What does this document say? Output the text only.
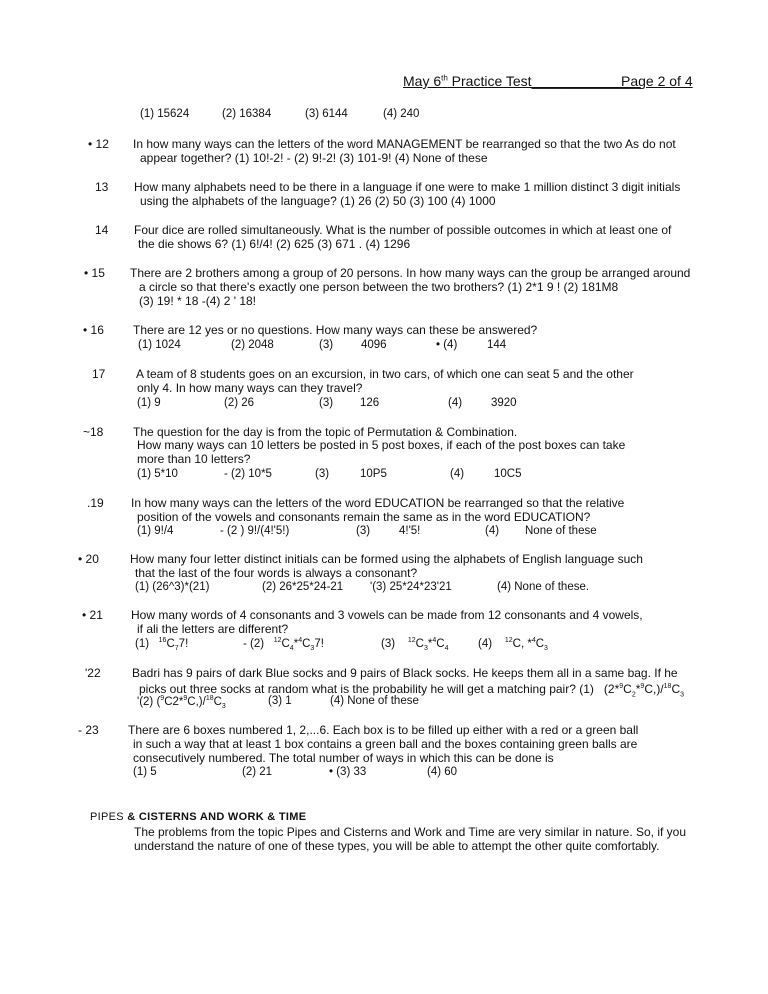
May 6th Practice Test______________
Page 2 of 4
(1) 15624	(2) 16384	(3) 6144	(4) 240
• 12 In how many ways can the letters of the word MANAGEMENT be rearranged so that the two As do not
appear together? (1) 10!-2! - (2) 9!-2! (3) 101-9! (4) None of these
13 How many alphabets need to be there in a language if one were to make 1 million distinct 3 digit initials
using the alphabets of the language? (1) 26 (2) 50 (3) 100 (4) 1000
14 Four dice are rolled simultaneously. What is the number of possible outcomes in which at least one of
the die shows 6? (1) 6!/4! (2) 625 (3) 671 . (4) 1296
• 15 There are 2 brothers among a group of 20 persons. In how many ways can the group be arranged around
a circle so that there's exactly one person between the two brothers? (1) 2*1 9 ! (2) 181M8
(3) 19! * 18 -(4) 2 ' 18!
• 16 There are 12 yes or no questions. How many ways can these be answered?
(1) 1024	(2) 2048	(3) 4096	• (4)	144
17	A team of 8 students goes on an excursion, in two cars, of which one can seat 5 and the other
only 4. In how many ways can they travel?
(1) 9	(2) 26	(3) 126	(4)	3920
~18 The question for the day is from the topic of Permutation & Combination.
How many ways can 10 letters be posted in 5 post boxes, if each of the post boxes can take
more than 10 letters?
(1) 5*10	- (2) 10*5	(3)	10P5	(4)	10C5
.19 In how many ways can the letters of the word EDUCATION be rearranged so that the relative
position of the vowels and consonants remain the same as in the word EDUCATION?
(1) 9!/4	- (2 ) 9!/(4!'5!)	(3)	4!'5!	(4) None of these
• 20	How many four letter distinct initials can be formed using the alphabets of English language such
that the last of the four words is always a consonant?
(1) (26^3)*(21)	(2) 26*25*24-21 '(3) 25*24*23'21	(4) None of these.
• 21 How many words of 4 consonants and 3 vowels can be made from 12 consonants and 4 vowels,
if ali the letters are different?
(1) $^{16}C_77$!	- (2) $^{12}C_4*^4C_37$!	(3) $^{12}C_3*^4C_4$	(4) $^{12}$C, $*^4C_3$
'22	Badri has 9 pairs of dark Blue socks and 9 pairs of Black socks. He keeps them all in a same bag. If he
picks out three socks at random what is the probability he will get a matching pair? (1) $(2*^9C_2*^9C,)/^{18}C_3$
'(2) $(^9C2*^9C,)/^{18}C_3$	(3) 1	(4) None of these
- 23 There are 6 boxes numbered 1, 2,...6. Each box is to be filled up either with a red or a green ball
in such a way that at least 1 box contains a green ball and the boxes containing green balls are
consecutively numbered. The total number of ways in which this can be done is
(1) 5	(2) 21	• (3) 33	(4) 60
PIPES & CISTERNS AND WORK & TIME
The problems from the topic Pipes and Cisterns and Work and Time are very similar in nature. So, if you
understand the nature of one of these types, you will be able to attempt the other quite comfortably.
